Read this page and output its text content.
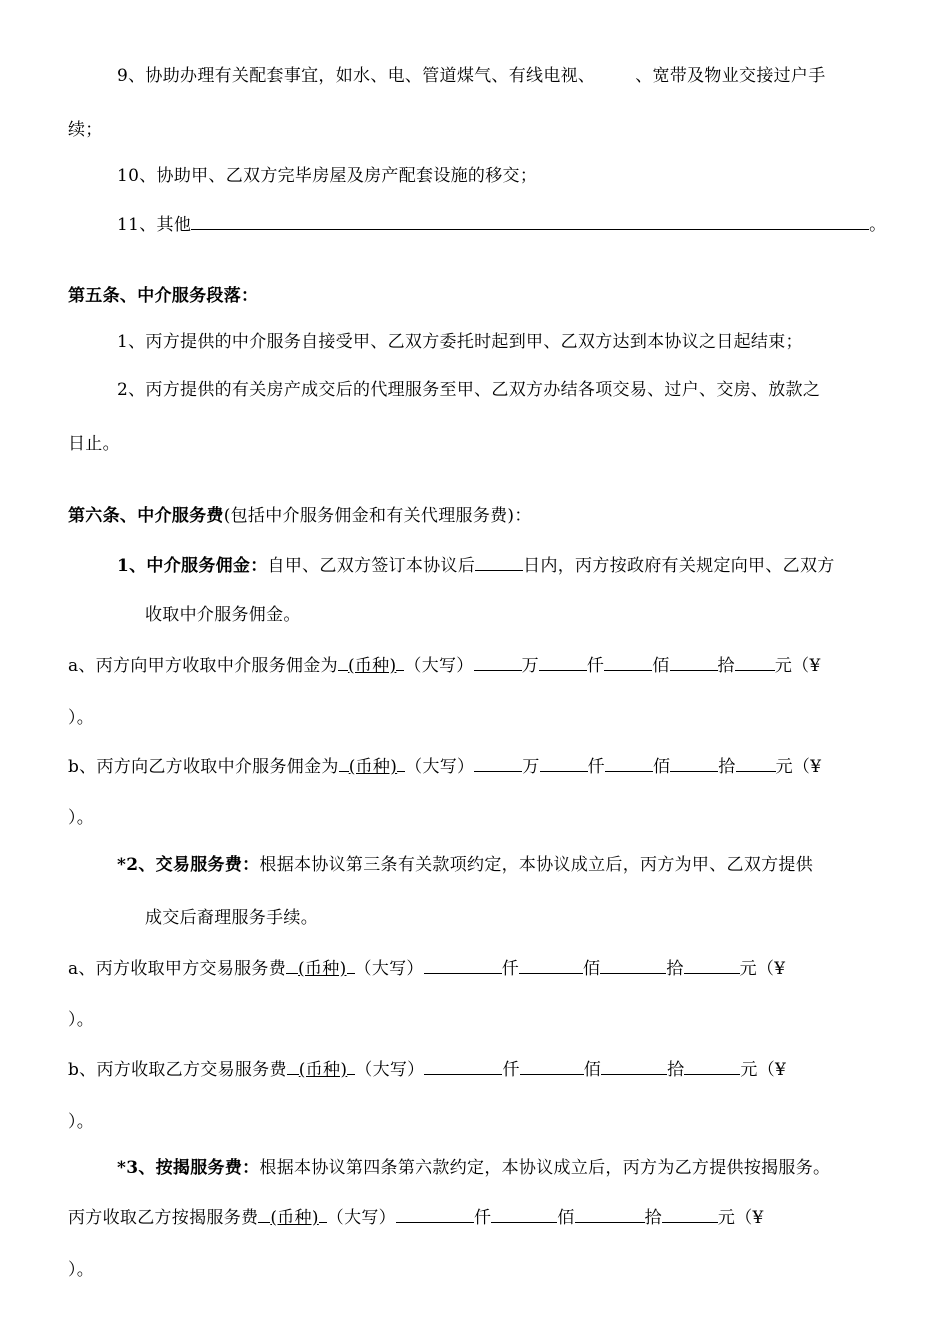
9、协助办理有关配套事宜，如水、电、管道煤气、有线电视、 、宽带及物业交接过户手
续；
10、协助甲、乙双方完毕房屋及房产配套设施的移交；
11、其他	。
第五条、中介服务段落：
1、丙方提供的中介服务自接受甲、乙双方委托时起到甲、乙双方达到本协议之日起结束；
2、丙方提供的有关房产成交后的代理服务至甲、乙双方办结各项交易、过户、交房、放款之
日止。
第六条、中介服务费(包括中介服务佣金和有关代理服务费)：
1、中介服务佣金：自甲、乙双方签订本协议后	日内，丙方按政府有关规定向甲、乙双方
收取中介服务佣金。
a、丙方向甲方收取中介服务佣金为 (币种) （大写）	万	仟	佰	拾 元（¥
）。
b、丙方向乙方收取中介服务佣金为 (币种) （大写）	万	仟	佰	拾 元（¥
）。
*2、交易服务费：根据本协议第三条有关款项约定，本协议成立后，丙方为甲、乙双方提供
成交后裔理服务手续。
a、丙方收取甲方交易服务费 (币种) （大写）	仟	佰	拾	元（¥
）。
b、丙方收取乙方交易服务费 (币种) （大写）	仟	佰	拾	元（¥
）。
*3、按揭服务费：根据本协议第四条第六款约定，本协议成立后，丙方为乙方提供按揭服务。
丙方收取乙方按揭服务费 (币种) （大写）	仟	佰	拾	元（¥
）。
